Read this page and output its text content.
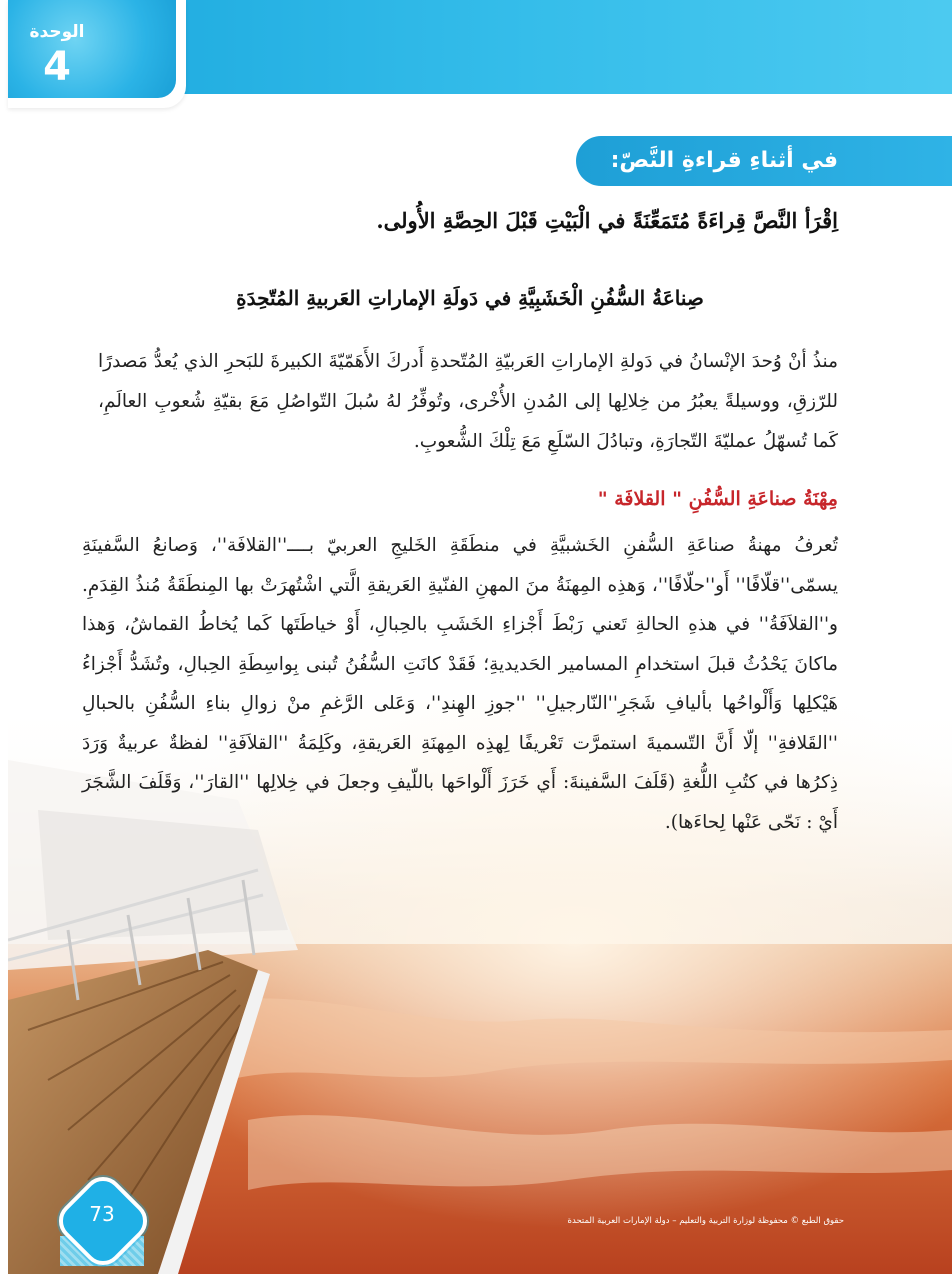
الوحدة
4
في أثناءِ قراءةِ النَّصّ:
اِقْرَأ النَّصَّ قِراءَةً مُتَمَعِّنَةً في الْبَيْتِ قَبْلَ الحِصَّةِ الأُولى.
صِناعَةُ السُّفُنِ الْخَشَبِيَّةِ في دَولَةِ الإماراتِ العَربيةِ المُتّحِدَةِ
منذُ أنْ وُحدَ الإنْسانُ في دَولةِ الإماراتِ العَربيّةِ المُتّحدةِ أَدركَ الأَهَمّيّةَ الكبيرةَ للبَحرِ الذي يُعدُّ مَصدرًا للرّزقِ، ووسيلةً يعبُرُ من خِلالِها إلى المُدنِ الأُخْرى، وتُوفِّرُ لهُ سُبلَ التّواصُلِ مَعَ بقيّةِ شُعوبِ العالَمِ، كَما تُسهّلُ عمليّةَ التّجارَةِ، وتبادُلَ السّلَعِ مَعَ تِلْكَ الشُّعوبِ.
مِهْنَةُ صناعَةِ السُّفُنِ " القلافَة "
تُعرفُ مهنةُ صناعَةِ السُّفنِ الخَشبيَّةِ في منطَقَةِ الخَليجِ العربيّ بــــ''القلافَة''، وَصانعُ السَّفينَةِ يسمّى''قلّافًا'' أَو''حلّافًا''، وَهذِه المِهنَةُ منَ المهنِ الفنّيةِ العَريقةِ الَّتي اشْتُهرَتْ بها المِنطَقَةُ مُنذُ القِدَمِ. و''القلاَفَةُ'' في هذهِ الحالةِ تَعني رَبْطَ أَجْزاءِ الخَشَبِ بالحِبالِ، أَوْ خياطَتَها كَما يُخاطُ القماشُ، وَهذا ماكانَ يَحْدُثُ قبلَ استخدامِ المسامير الحَديديةِ؛ فَقَدْ كانَتِ السُّفُنُ تُبنى بِواسِطَةِ الحِبالِ، وتُشَدُّ أَجْزاءُ هَيْكلِها وَأَلْواحُها بأليافِ شَجَرِ''النّارجيلِ'' ''جوزِ الهِندِ''، وَعَلى الرَّغمِ منْ زوالِ بناءِ السُّفُنِ بالحبالِ ''القَلافةِ'' إلّا أَنَّ التّسميةَ استمرَّت تَعْريفًا لِهذِه المِهنَةِ العَريقةِ، وكَلِمَةُ ''القلاَفَةِ'' لفظةٌ عربيةٌ وَرَدَ ذِكرُها في كتُبِ اللُّغةِ (قَلَفَ السَّفينةَ: أَي خَرَزَ أَلْواحَها باللّيفِ وجعلَ في خِلالِها ''القارَ''، وَقَلَفَ الشَّجَرَ أَيْ : نَحّى عَنْها لِحاءَها).
73	حقوق الطبع © محفوظة لوزارة التربية والتعليم – دولة الإمارات العربية المتحدة
